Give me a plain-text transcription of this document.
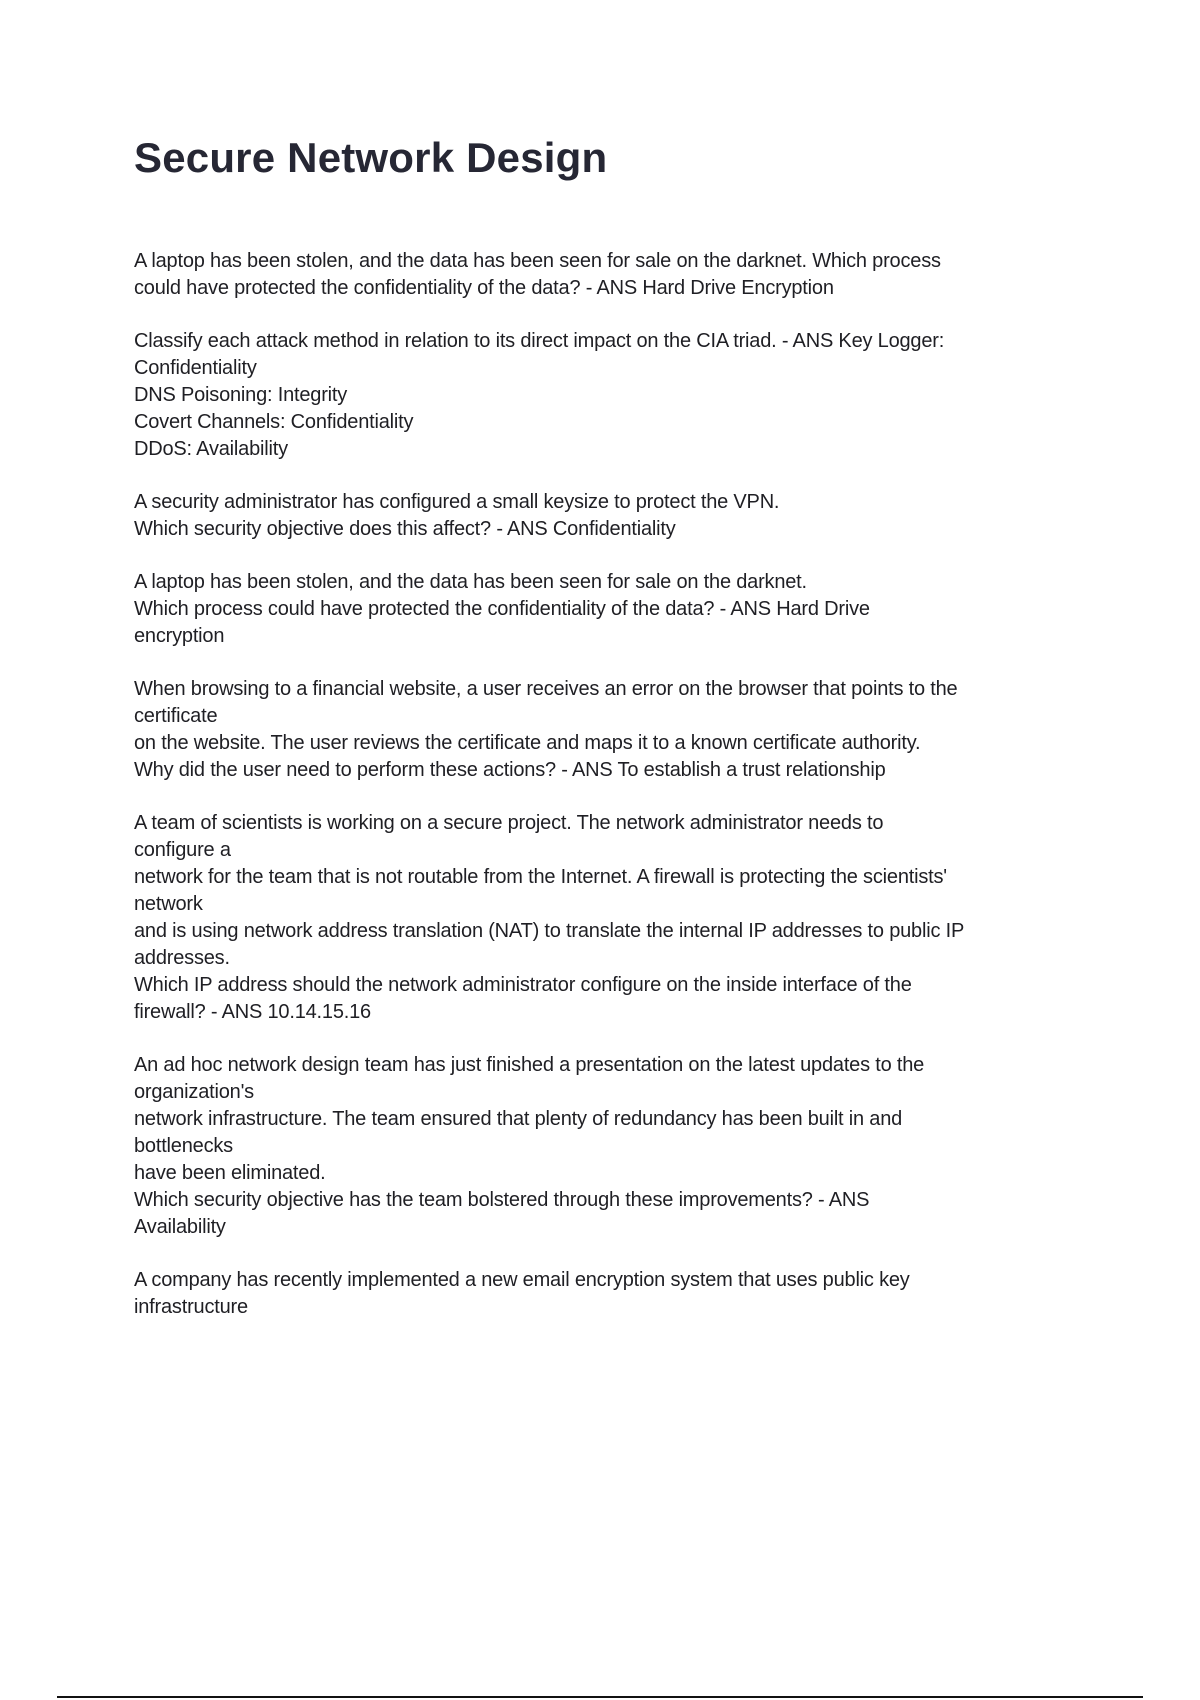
Secure Network Design
A laptop has been stolen, and the data has been seen for sale on the darknet. Which process
could have protected the confidentiality of the data? - ANS Hard Drive Encryption
Classify each attack method in relation to its direct impact on the CIA triad. - ANS Key Logger:
Confidentiality
DNS Poisoning: Integrity
Covert Channels: Confidentiality
DDoS: Availability
A security administrator has configured a small keysize to protect the VPN.
Which security objective does this affect? - ANS Confidentiality
A laptop has been stolen, and the data has been seen for sale on the darknet.
Which process could have protected the confidentiality of the data? - ANS Hard Drive
encryption
When browsing to a financial website, a user receives an error on the browser that points to the
certificate
on the website. The user reviews the certificate and maps it to a known certificate authority.
Why did the user need to perform these actions? - ANS To establish a trust relationship
A team of scientists is working on a secure project. The network administrator needs to
configure a
network for the team that is not routable from the Internet. A firewall is protecting the scientists'
network
and is using network address translation (NAT) to translate the internal IP addresses to public IP
addresses.
Which IP address should the network administrator configure on the inside interface of the
firewall? - ANS 10.14.15.16
An ad hoc network design team has just finished a presentation on the latest updates to the
organization's
network infrastructure. The team ensured that plenty of redundancy has been built in and
bottlenecks
have been eliminated.
Which security objective has the team bolstered through these improvements? - ANS
Availability
A company has recently implemented a new email encryption system that uses public key
infrastructure
